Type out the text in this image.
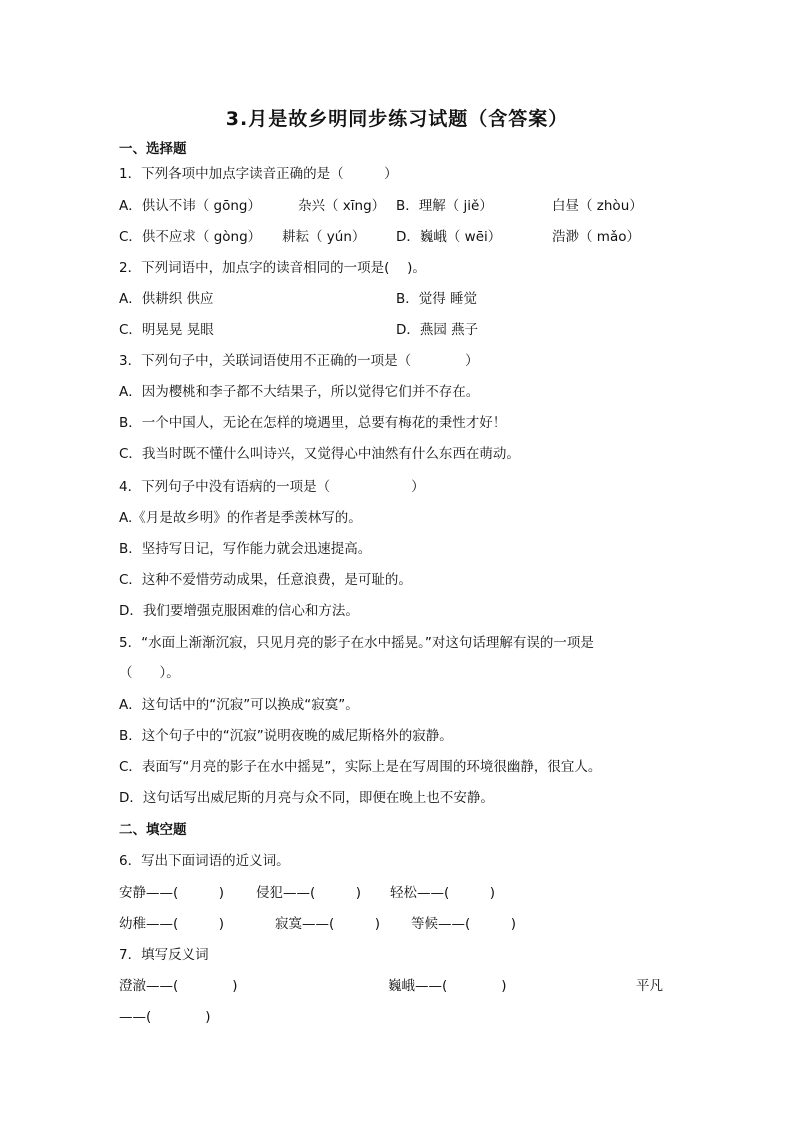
3.月是故乡明同步练习试题（含答案）
一、选择题
1．下列各项中加点字读音正确的是（　　　）
A．供认不讳（ gōng）	杂兴（ xīng） B．理解（ jiě）	白昼（ zhòu）
C．供不应求（ gòng） 耕耘（ yún） D．巍峨（ wēi）	浩渺（ mǎo）
2．下列词语中，加点字的读音相同的一项是(　 )。
A．供耕织 供应	B．觉得 睡觉
C．明晃晃 晃眼	D．燕园 燕子
3．下列句子中，关联词语使用不正确的一项是（　　　　）
A．因为樱桃和李子都不大结果子，所以觉得它们并不存在。
B．一个中国人，无论在怎样的境遇里，总要有梅花的秉性才好！
C．我当时既不懂什么叫诗兴，又觉得心中油然有什么东西在萌动。
4．下列句子中没有语病的一项是（　　　　　　）
A.《月是故乡明》的作者是季羡林写的。
B．坚持写日记，写作能力就会迅速提高。
C．这种不爱惜劳动成果，任意浪费，是可耻的。
D．我们要增强克服困难的信心和方法。
5．“水面上渐渐沉寂，只见月亮的影子在水中摇晃。”对这句话理解有误的一项是
（　　）。
A．这句话中的“沉寂”可以换成“寂寞”。
B．这个句子中的“沉寂”说明夜晚的威尼斯格外的寂静。
C．表面写“月亮的影子在水中摇晃”，实际上是在写周围的环境很幽静，很宜人。
D．这句话写出威尼斯的月亮与众不同，即便在晚上也不安静。
二、填空题
6．写出下面词语的近义词。
安静——(　　　) 侵犯——(　　　) 轻松——(　　　)
幼稚——(　　　)	寂寞——(　　　) 等候——(　　　)
7．填写反义词
澄澈——(　　　　)	巍峨——(　　　　)	平凡
——(　　　　)
